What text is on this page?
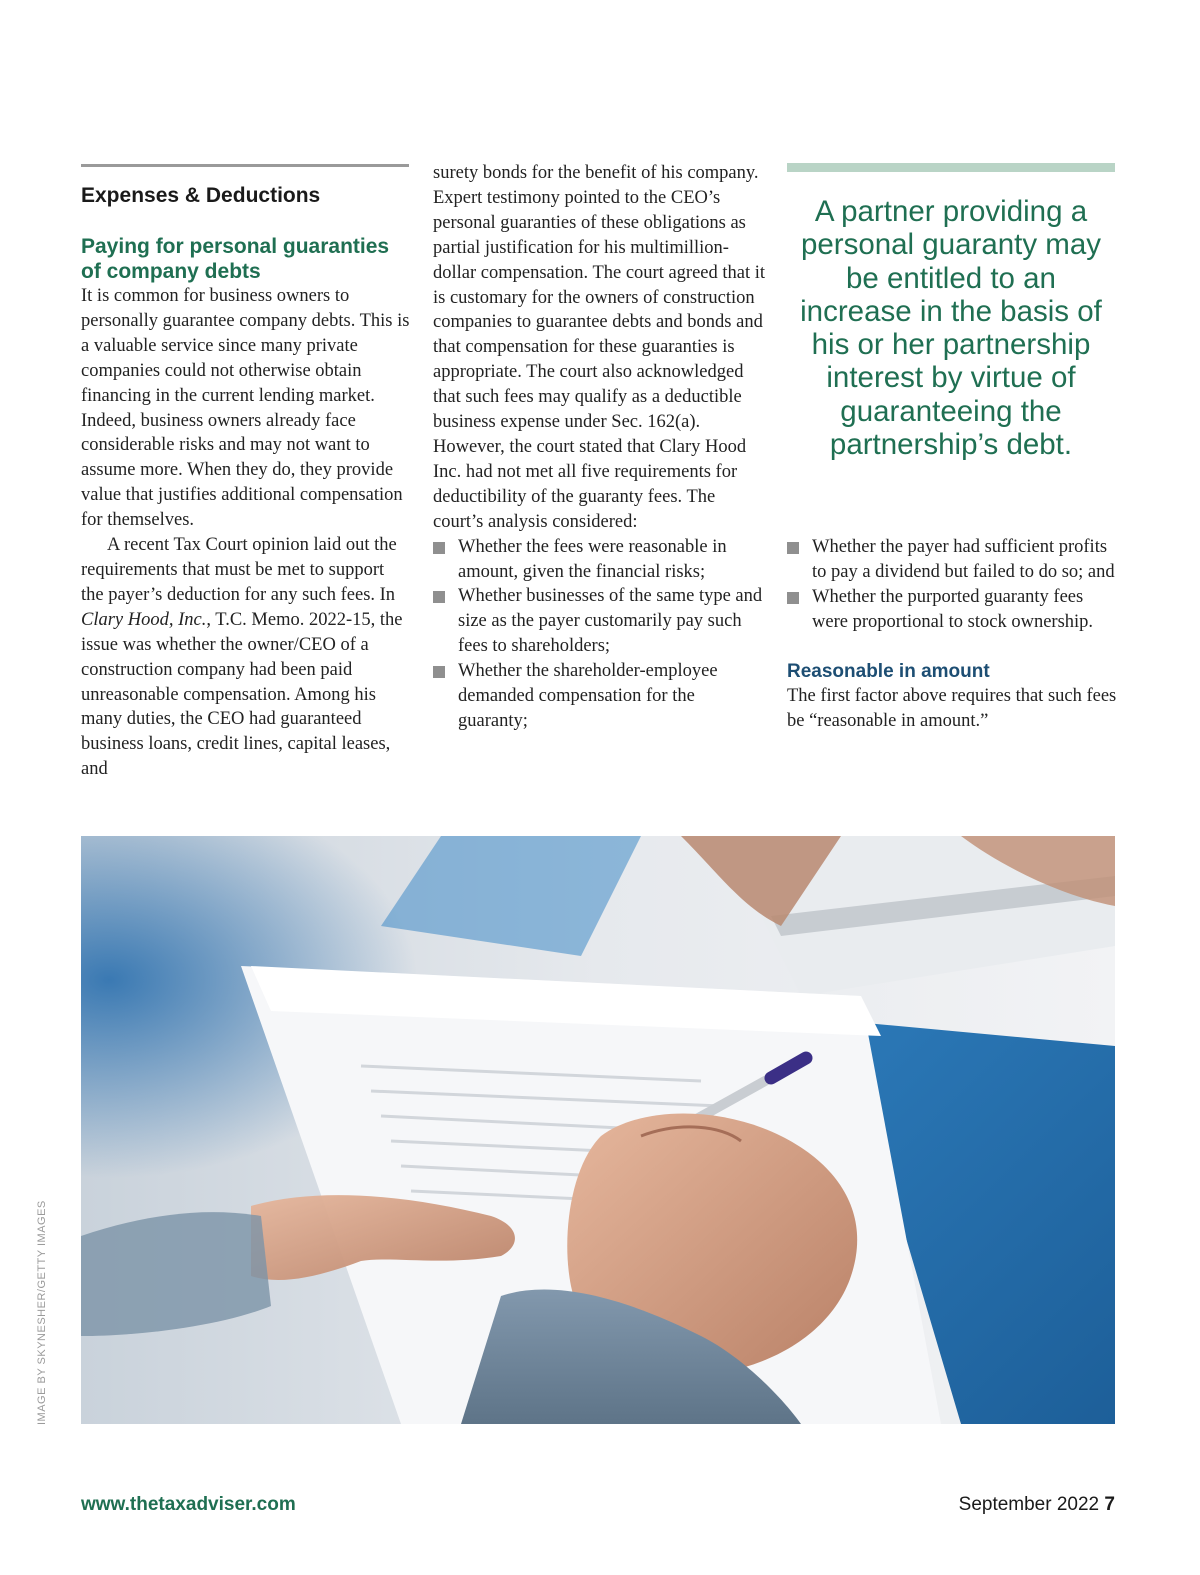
Expenses & Deductions
Paying for personal guaranties of company debts

It is common for business owners to personally guarantee company debts. This is a valuable service since many private companies could not otherwise obtain financing in the current lending market. Indeed, business owners already face considerable risks and may not want to assume more. When they do, they provide value that justifies additional compensation for themselves.

A recent Tax Court opinion laid out the requirements that must be met to support the payer’s deduction for any such fees. In Clary Hood, Inc., T.C. Memo. 2022-15, the issue was whether the owner/CEO of a construction company had been paid unreasonable compensation. Among his many duties, the CEO had guaranteed business loans, credit lines, capital leases, and

surety bonds for the benefit of his company. Expert testimony pointed to the CEO’s personal guaranties of these obligations as partial justification for his multimillion-dollar compensation. The court agreed that it is customary for the owners of construction companies to guarantee debts and bonds and that compensation for these guaranties is appropriate. The court also acknowledged that such fees may qualify as a deductible business expense under Sec. 162(a). However, the court stated that Clary Hood Inc. had not met all five requirements for deductibility of the guaranty fees. The court’s analysis considered:

Whether the fees were reasonable in amount, given the financial risks;
Whether businesses of the same type and size as the payer customarily pay such fees to shareholders;
Whether the shareholder-employee demanded compensation for the guaranty;

A partner providing a personal guaranty may be entitled to an increase in the basis of his or her partnership interest by virtue of guaranteeing the partnership’s debt.

Whether the payer had sufficient profits to pay a dividend but failed to do so; and
Whether the purported guaranty fees were proportional to stock ownership.
Reasonable in amount

The first factor above requires that such fees be “reasonable in amount.”

IMAGE BY SKYNESHER/GETTY IMAGES
www.thetaxadviser.com	September 2022 7
